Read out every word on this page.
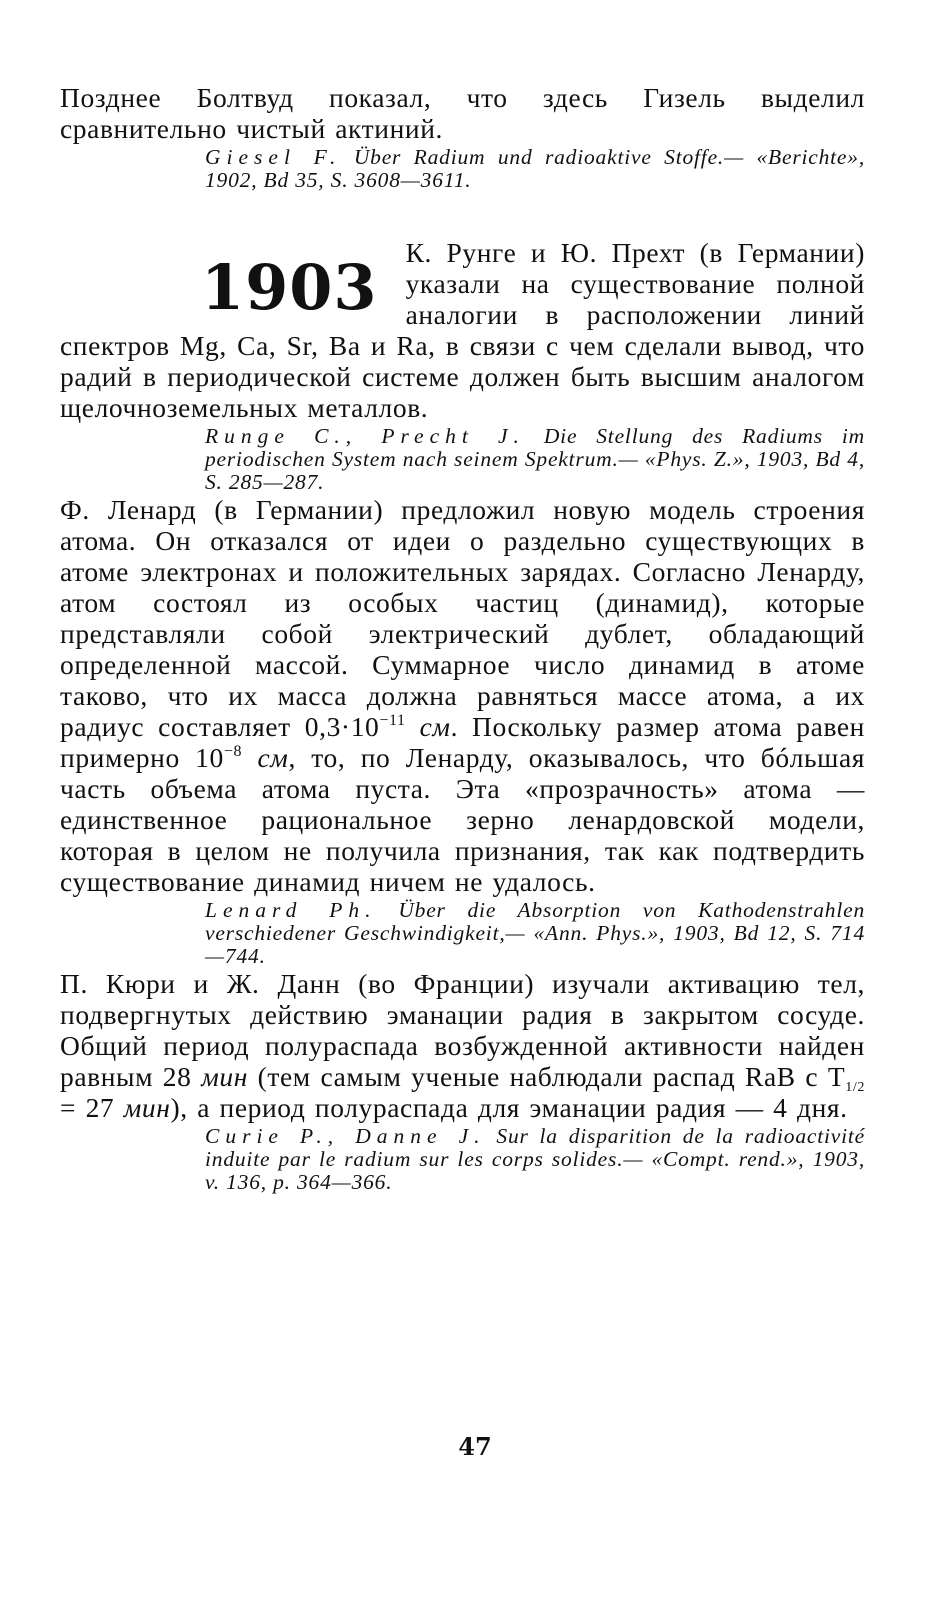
Позднее Болтвуд показал, что здесь Гизель выделил сравнительно чистый актиний.

Giesel F. Über Radium und radioaktive Stoffe.— «Berichte», 1902, Bd 35, S. 3608—3611.
1903	К. Рунге и Ю. Прехт (в Германии) указали на существование полной аналогии в расположении линий спектров Mg, Ca, Sr, Ba и Ra, в связи с чем сделали вывод, что радий в периодической системе должен быть высшим аналогом щелочноземельных металлов.

Runge C., Precht J. Die Stellung des Radiums im periodischen System nach seinem Spektrum.— «Phys. Z.», 1903, Bd 4, S. 285—287.

Ф. Ленард (в Германии) предложил новую модель строения атома. Он отказался от идеи о раздельно существующих в атоме электронах и положительных зарядах. Согласно Ленарду, атом состоял из особых частиц (динамид), которые представляли собой электрический дублет, обладающий определенной массой. Суммарное число динамид в атоме таково, что их масса должна равняться массе атома, а их радиус составляет $0,3\cdot 10^{-11}$ см. Поскольку размер атома равен примерно $10^{-8}$ см, то, по Ленарду, оказывалось, что бóльшая часть объема атома пуста. Эта «прозрачность» атома — единственное рациональное зерно ленардовской модели, которая в целом не получила признания, так как подтвердить существование динамид ничем не удалось.

Lenard Ph. Über die Absorption von Kathodenstrahlen verschiedener Geschwindigkeit,— «Ann. Phys.», 1903, Bd 12, S. 714—744.

П. Кюри и Ж. Данн (во Франции) изучали активацию тел, подвергнутых действию эманации радия в закрытом сосуде. Общий период полураспада возбужденной активности найден равным 28 мин (тем самым ученые наблюдали распад RaB с $T_{1/2} = 27$ мин), а период полураспада для эманации радия — 4 дня.

Curie P., Danne J. Sur la disparition de la radioactivité induite par le radium sur les corps solides.— «Compt. rend.», 1903, v. 136, p. 364—366.
47
